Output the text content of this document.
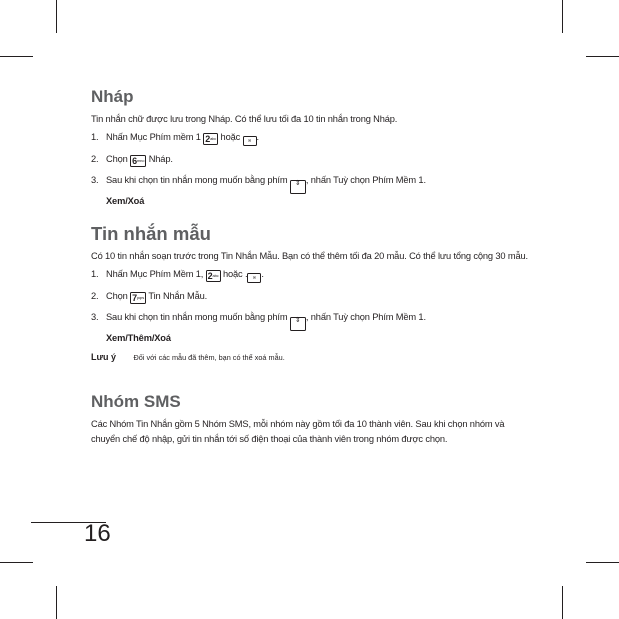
Nháp

Tin nhắn chữ được lưu trong Nháp. Có thể lưu tối đa 10 tin nhắn trong Nháp.

1. Nhấn Mục Phím mềm 1 $2^{abc}$ hoặc ✉ .
2. Chọn $6^{mno}$ Nháp.
3. Sau khi chọn tin nhắn mong muốn bằng phím ⇕ , nhấn Tuỳ chọn Phím Mềm 1.
Xem/Xoá
Tin nhắn mẫu

Có 10 tin nhắn soạn trước trong Tin Nhắn Mẫu. Bạn có thể thêm tối đa 20 mẫu. Có thể lưu tổng cộng 30 mẫu.

1. Nhấn Mục Phím Mềm 1, $2^{abc}$ hoặc . ✉ .
2. Chọn $7^{pqrs}$ Tin Nhắn Mẫu.
3. Sau khi chọn tin nhắn mong muốn bằng phím ⇕ , nhấn Tuỳ chọn Phím Mềm 1.
Xem/Thêm/Xoá
Lưu ý Đối với các mẫu đã thêm, bạn có thể xoá mẫu.
Nhóm SMS

Các Nhóm Tin Nhắn gồm 5 Nhóm SMS, mỗi nhóm này gồm tối đa 10 thành viên. Sau khi chọn nhóm và chuyển chế độ nhập, gửi tin nhắn tới số điện thoại của thành viên trong nhóm được chọn.

16
